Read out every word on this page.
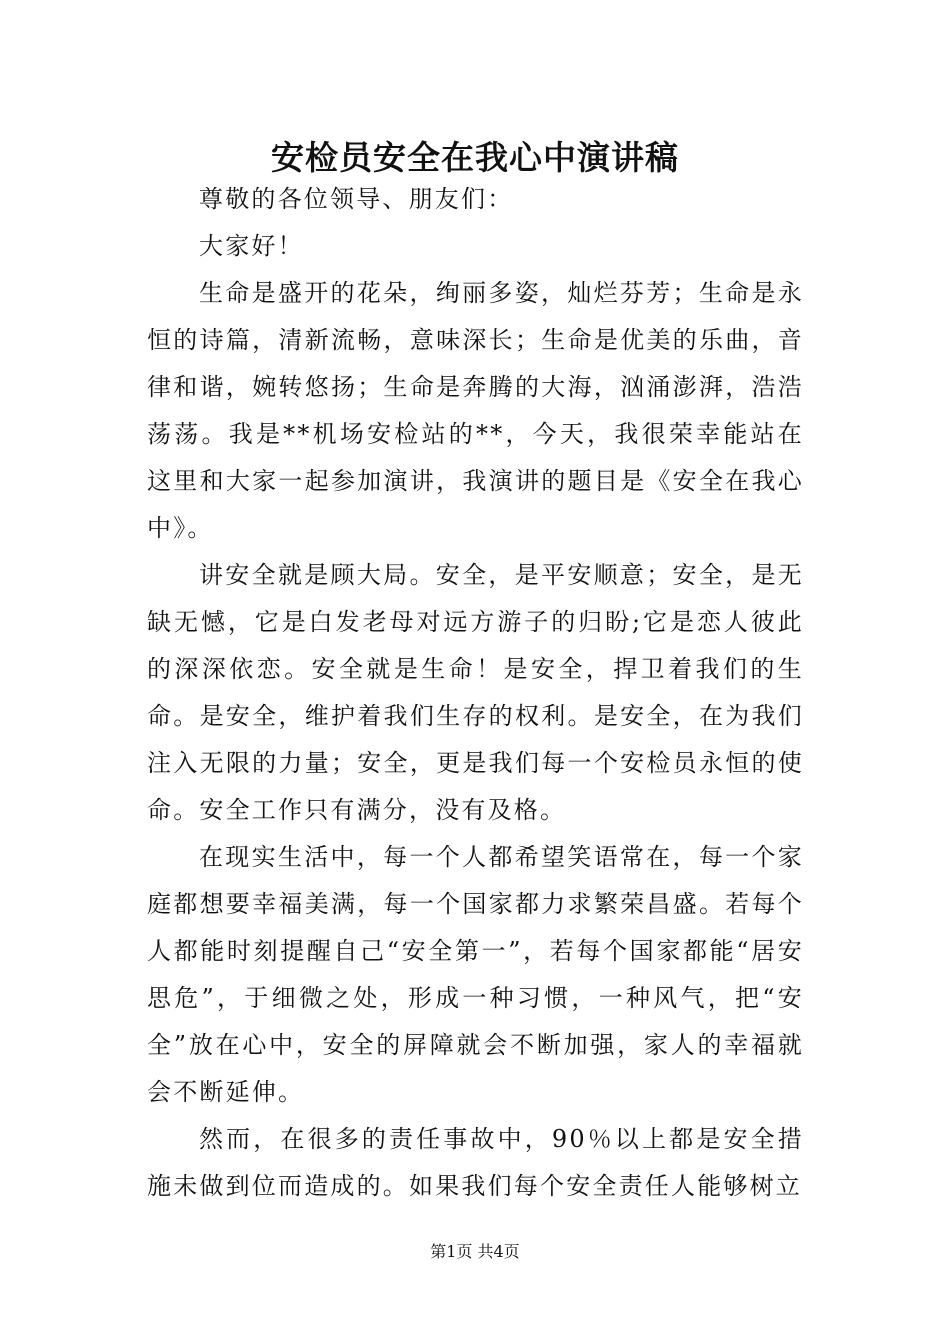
安检员安全在我心中演讲稿

尊敬的各位领导、朋友们：

大家好！

生命是盛开的花朵，绚丽多姿，灿烂芬芳；生命是永恒的诗篇，清新流畅，意味深长；生命是优美的乐曲，音律和谐，婉转悠扬；生命是奔腾的大海，汹涌澎湃，浩浩荡荡。我是**机场安检站的**，今天，我很荣幸能站在这里和大家一起参加演讲，我演讲的题目是《安全在我心中》。

讲安全就是顾大局。安全，是平安顺意；安全，是无缺无憾，它是白发老母对远方游子的归盼;它是恋人彼此的深深依恋。安全就是生命！是安全，捍卫着我们的生命。是安全，维护着我们生存的权利。是安全，在为我们注入无限的力量；安全，更是我们每一个安检员永恒的使命。安全工作只有满分，没有及格。

在现实生活中，每一个人都希望笑语常在，每一个家庭都想要幸福美满，每一个国家都力求繁荣昌盛。若每个人都能时刻提醒自己“安全第一”，若每个国家都能“居安思危”，于细微之处，形成一种习惯，一种风气，把“安全”放在心中，安全的屏障就会不断加强，家人的幸福就会不断延伸。

然而，在很多的责任事故中，90％以上都是安全措施未做到位而造成的。如果我们每个安全责任人能够树立

第1页 共4页
